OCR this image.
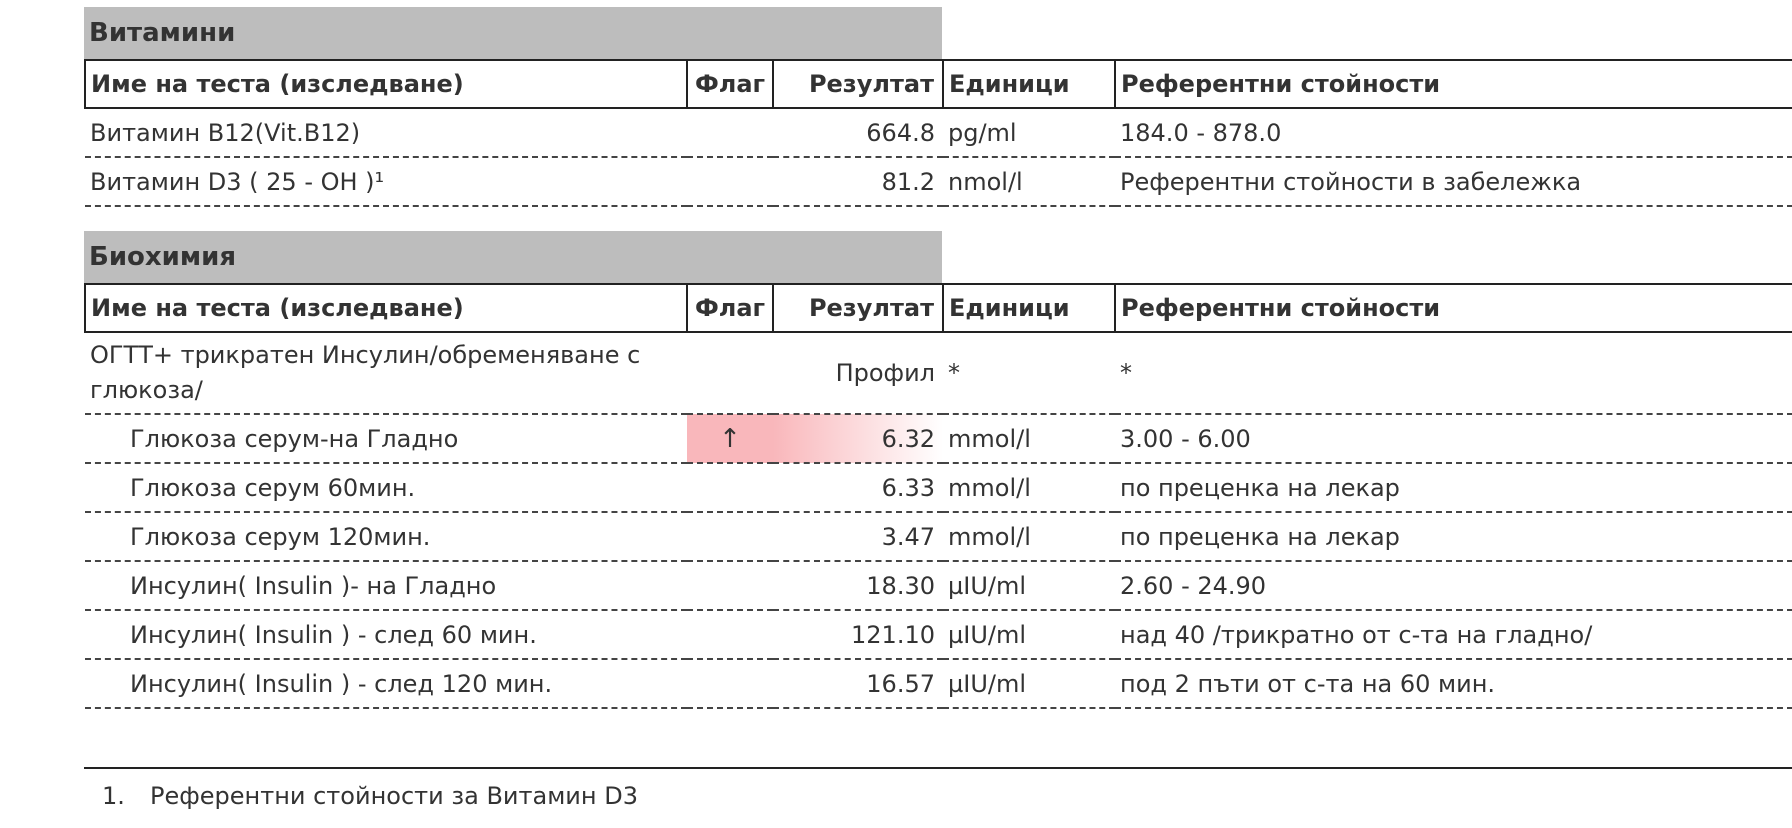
Витамини
Име на теста (изследване)	Флаг	Резултат	Единици	Референтни стойности
Витамин B12(Vit.B12)		664.8	pg/ml	184.0 - 878.0
Витамин D3 ( 25 - OH )¹		81.2	nmol/l	Референтни стойности в забележка
Биохимия
Име на теста (изследване)	Флаг	Резултат	Единици	Референтни стойности
ОГТТ+ трикратен Инсулин/обременяване с глюкоза/		Профил	*	*
Глюкоза серум-на Гладно	↑	6.32	mmol/l	3.00 - 6.00
Глюкоза серум 60мин.		6.33	mmol/l	по преценка на лекар
Глюкоза серум 120мин.		3.47	mmol/l	по преценка на лекар
Инсулин( Insulin )- на Гладно		18.30	µIU/ml	2.60 - 24.90
Инсулин( Insulin ) - след 60 мин.		121.10	µIU/ml	над 40 /трикратно от с-та на гладно/
Инсулин( Insulin ) - след 120 мин.		16.57	µIU/ml	под 2 пъти от с-та на 60 мин.
1. Референтни стойности за Витамин D3
